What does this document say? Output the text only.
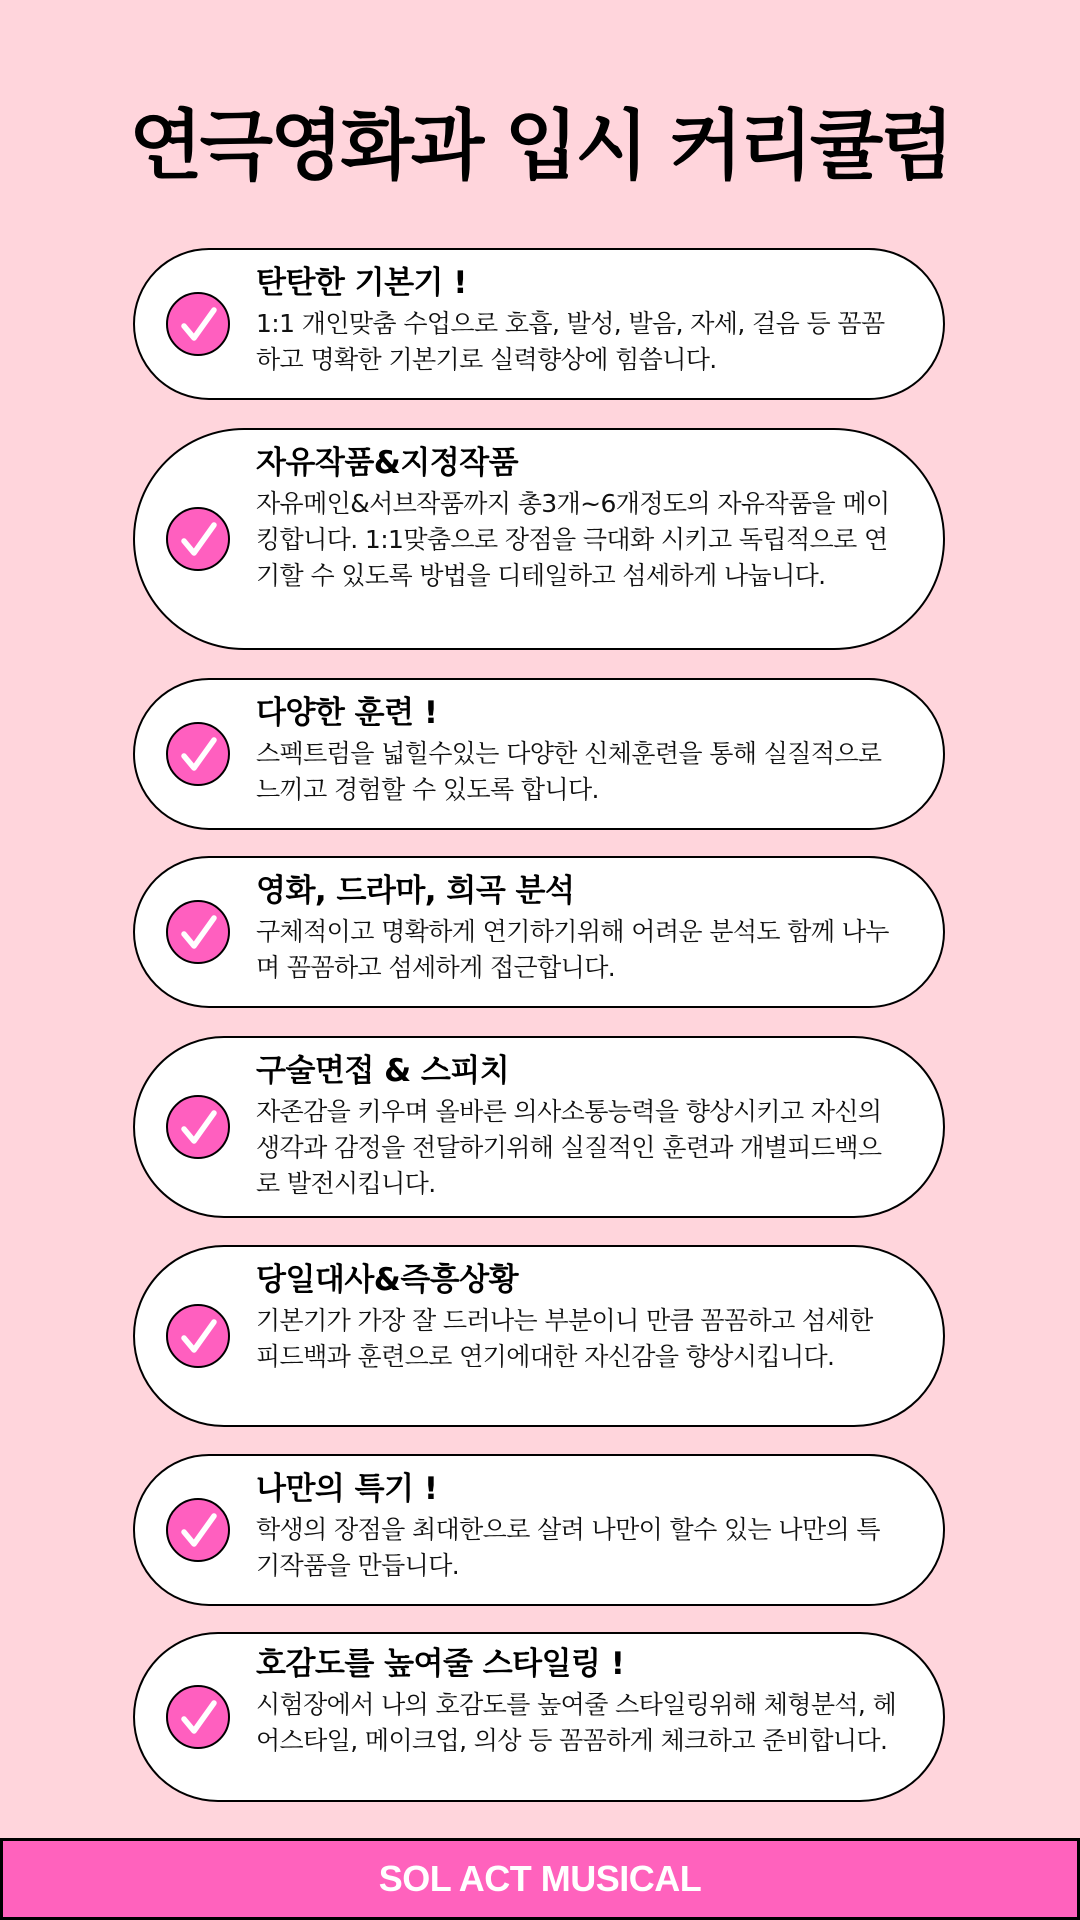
연극영화과 입시 커리큘럼
탄탄한 기본기 !
1:1 개인맞춤 수업으로 호흡, 발성, 발음, 자세, 걸음 등 꼼꼼하고 명확한 기본기로 실력향상에 힘씁니다.
자유작품&지정작품
자유메인&서브작품까지 총3개~6개정도의 자유작품을 메이킹합니다. 1:1맞춤으로 장점을 극대화 시키고 독립적으로 연기할 수 있도록 방법을 디테일하고 섬세하게 나눕니다.
다양한 훈련 !
스펙트럼을 넓힐수있는 다양한 신체훈련을 통해 실질적으로 느끼고 경험할 수 있도록 합니다.
영화, 드라마, 희곡 분석
구체적이고 명확하게 연기하기위해 어려운 분석도 함께 나누며 꼼꼼하고 섬세하게 접근합니다.
구술면접 & 스피치
자존감을 키우며 올바른 의사소통능력을 향상시키고 자신의 생각과 감정을 전달하기위해 실질적인 훈련과 개별피드백으로 발전시킵니다.
당일대사&즉흥상황
기본기가 가장 잘 드러나는 부분이니 만큼 꼼꼼하고 섬세한 피드백과 훈련으로 연기에대한 자신감을 향상시킵니다.
나만의 특기 !
학생의 장점을 최대한으로 살려 나만이 할수 있는 나만의 특기작품을 만듭니다.
호감도를 높여줄 스타일링 !
시험장에서 나의 호감도를 높여줄 스타일링위해 체형분석, 헤어스타일, 메이크업, 의상 등 꼼꼼하게 체크하고 준비합니다.
SOL ACT MUSICAL
